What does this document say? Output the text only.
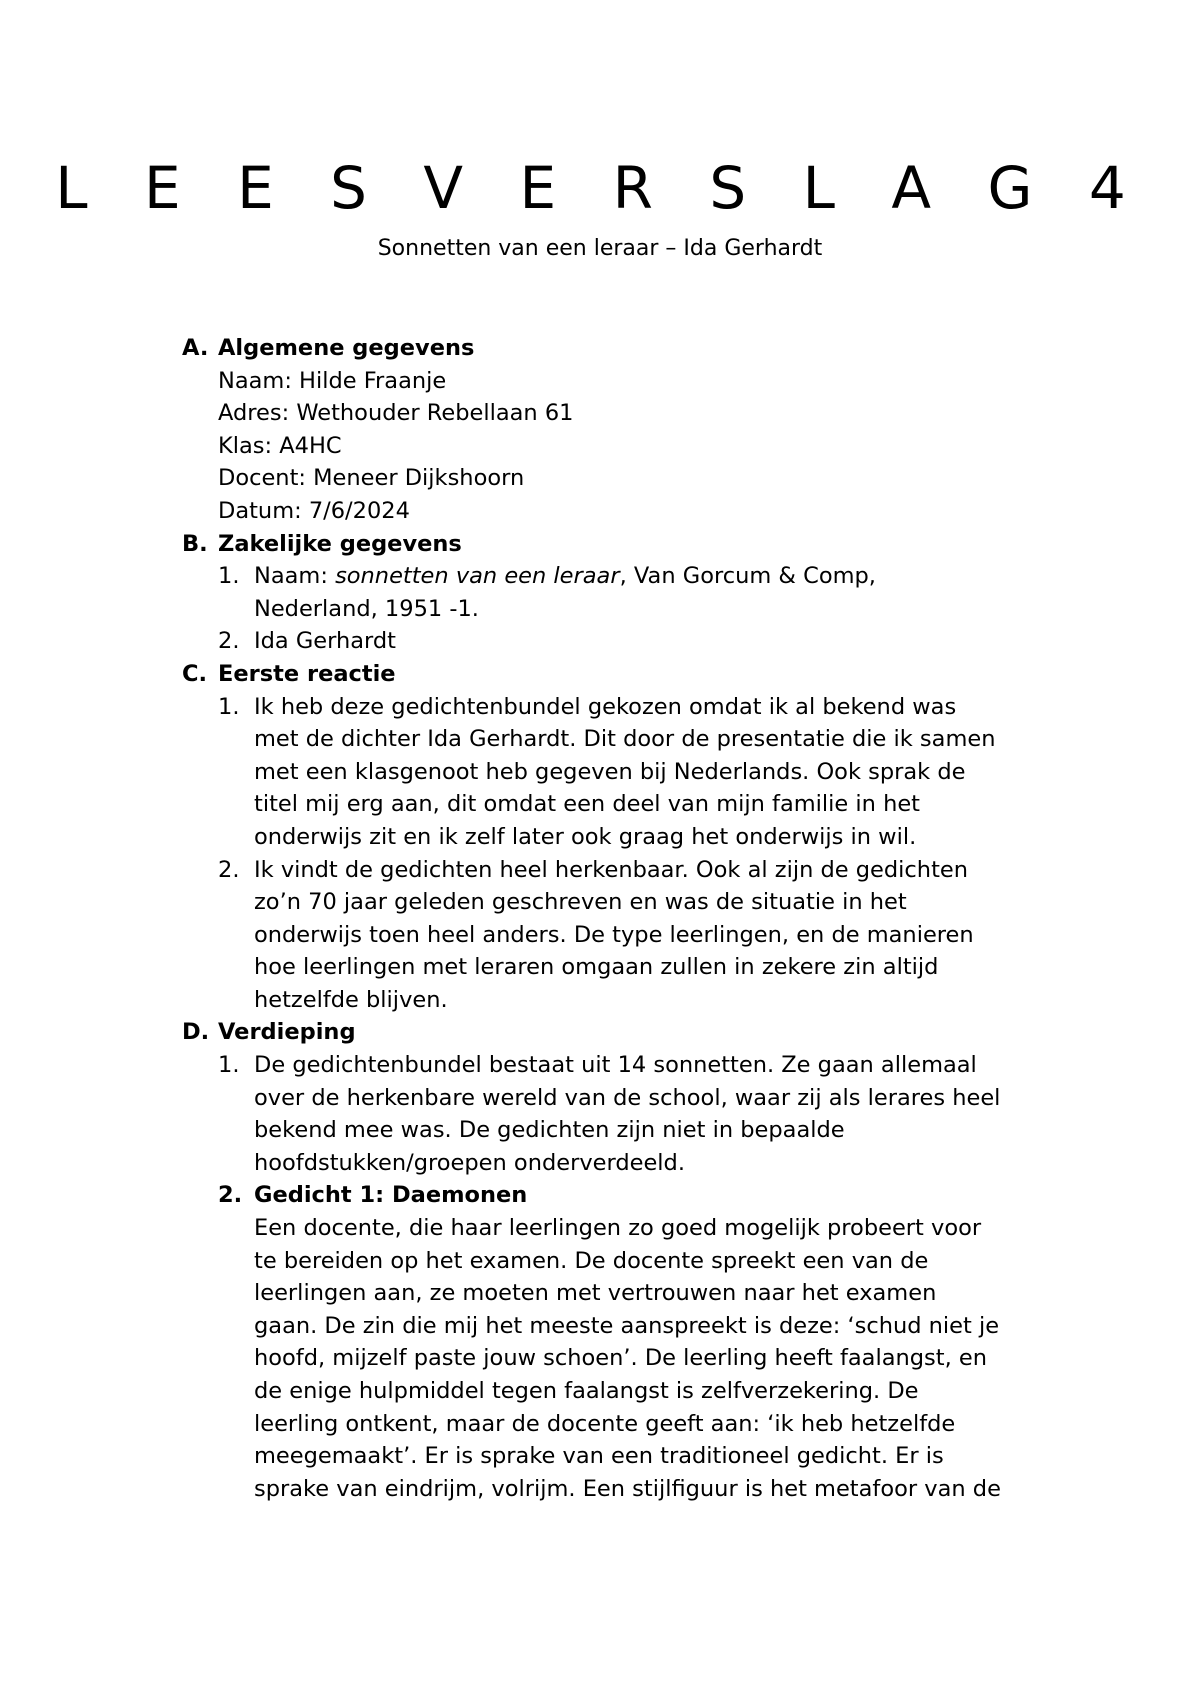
L E E S V E R S L A G 4
Sonnetten van een leraar – Ida Gerhardt
A. Algemene gegevens
Naam: Hilde Fraanje
Adres: Wethouder Rebellaan 61
Klas: A4HC
Docent: Meneer Dijkshoorn
Datum: 7/6/2024
B. Zakelijke gegevens
1. Naam: sonnetten van een leraar, Van Gorcum & Comp,
Nederland, 1951 -1.
2. Ida Gerhardt
C. Eerste reactie
1. Ik heb deze gedichtenbundel gekozen omdat ik al bekend was
met de dichter Ida Gerhardt. Dit door de presentatie die ik samen
met een klasgenoot heb gegeven bij Nederlands. Ook sprak de
titel mij erg aan, dit omdat een deel van mijn familie in het
onderwijs zit en ik zelf later ook graag het onderwijs in wil.
2. Ik vindt de gedichten heel herkenbaar. Ook al zijn de gedichten
zo’n 70 jaar geleden geschreven en was de situatie in het
onderwijs toen heel anders. De type leerlingen, en de manieren
hoe leerlingen met leraren omgaan zullen in zekere zin altijd
hetzelfde blijven.
D. Verdieping
1. De gedichtenbundel bestaat uit 14 sonnetten. Ze gaan allemaal
over de herkenbare wereld van de school, waar zij als lerares heel
bekend mee was. De gedichten zijn niet in bepaalde
hoofdstukken/groepen onderverdeeld.
2. Gedicht 1: Daemonen
Een docente, die haar leerlingen zo goed mogelijk probeert voor
te bereiden op het examen. De docente spreekt een van de
leerlingen aan, ze moeten met vertrouwen naar het examen
gaan. De zin die mij het meeste aanspreekt is deze: ‘schud niet je
hoofd, mijzelf paste jouw schoen’. De leerling heeft faalangst, en
de enige hulpmiddel tegen faalangst is zelfverzekering. De
leerling ontkent, maar de docente geeft aan: ‘ik heb hetzelfde
meegemaakt’. Er is sprake van een traditioneel gedicht. Er is
sprake van eindrijm, volrijm. Een stijlfiguur is het metafoor van de
